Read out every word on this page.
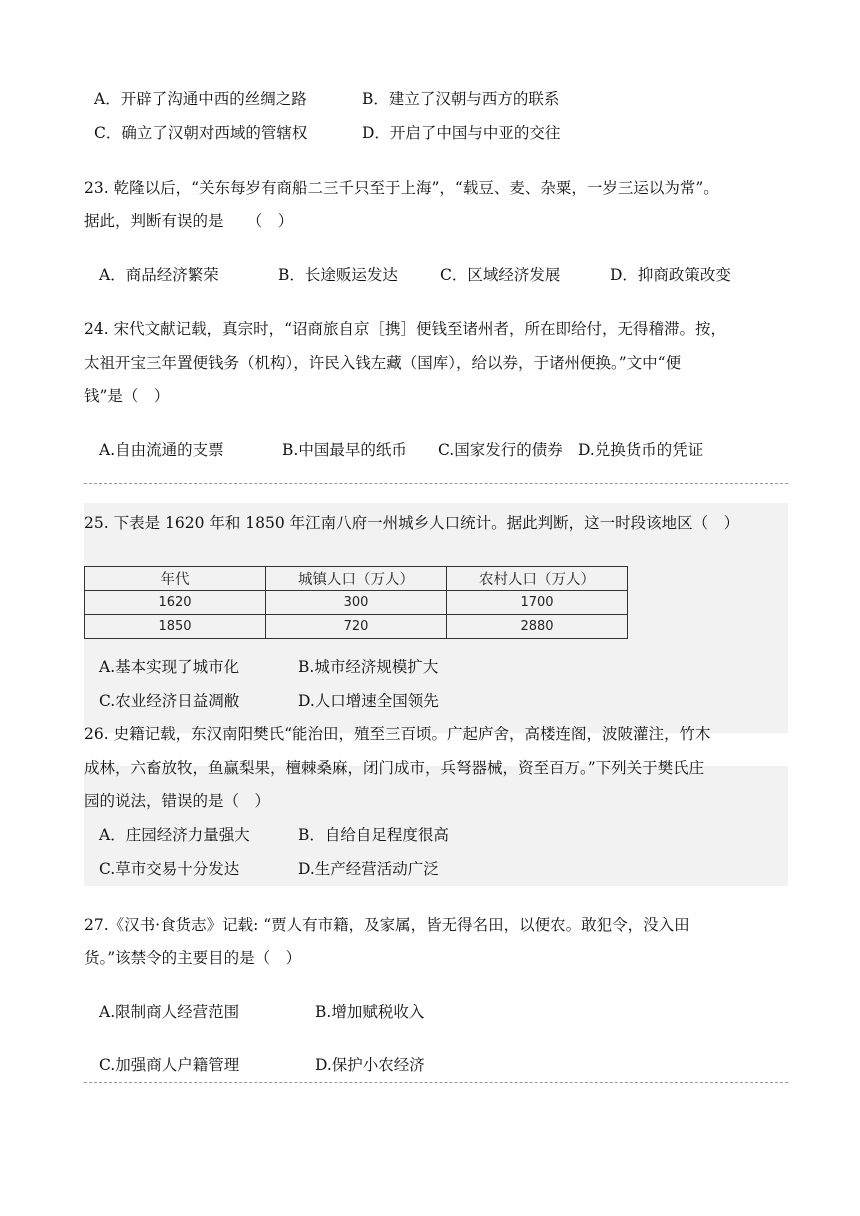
A．开辟了沟通中西的丝绸之路	B．建立了汉朝与西方的联系
C．确立了汉朝对西域的管辖权	D．开启了中国与中亚的交往
23. 乾隆以后，“关东每岁有商船二三千只至于上海”，“载豆、麦、杂粟，一岁三运以为常”。
据此，判断有误的是　　（　）
A．商品经济繁荣	B．长途贩运发达	C．区域经济发展	D．抑商政策改变
24. 宋代文献记载，真宗时，“诏商旅自京［携］便钱至诸州者，所在即给付，无得稽滞。按，
太祖开宝三年置便钱务（机构），许民入钱左藏（国库），给以券，于诸州便换。”文中“便
钱”是（　）
A.自由流通的支票	B.中国最早的纸币 C.国家发行的债券 D.兑换货币的凭证
25. 下表是 1620 年和 1850 年江南八府一州城乡人口统计。据此判断，这一时段该地区（　）
年代	城镇人口（万人）	农村人口（万人）
1620	300	1700
1850	720	2880
A.基本实现了城市化	B.城市经济规模扩大
C.农业经济日益凋敝	D.人口增速全国领先
26. 史籍记载，东汉南阳樊氏“能治田，殖至三百顷。广起庐舍，高楼连阁，波陂灌注，竹木
成林，六畜放牧，鱼赢梨果，檀棘桑麻，闭门成市，兵弩器械，资至百万。”下列关于樊氏庄
园的说法，错误的是（　）
A．庄园经济力量强大	B．自给自足程度很高
C.草市交易十分发达	D.生产经营活动广泛
27.《汉书·食货志》记载: “贾人有市籍，及家属，皆无得名田，以便农。敢犯令，没入田
货。”该禁令的主要目的是（　）
A.限制商人经营范围	B.增加赋税收入
C.加强商人户籍管理	D.保护小农经济
